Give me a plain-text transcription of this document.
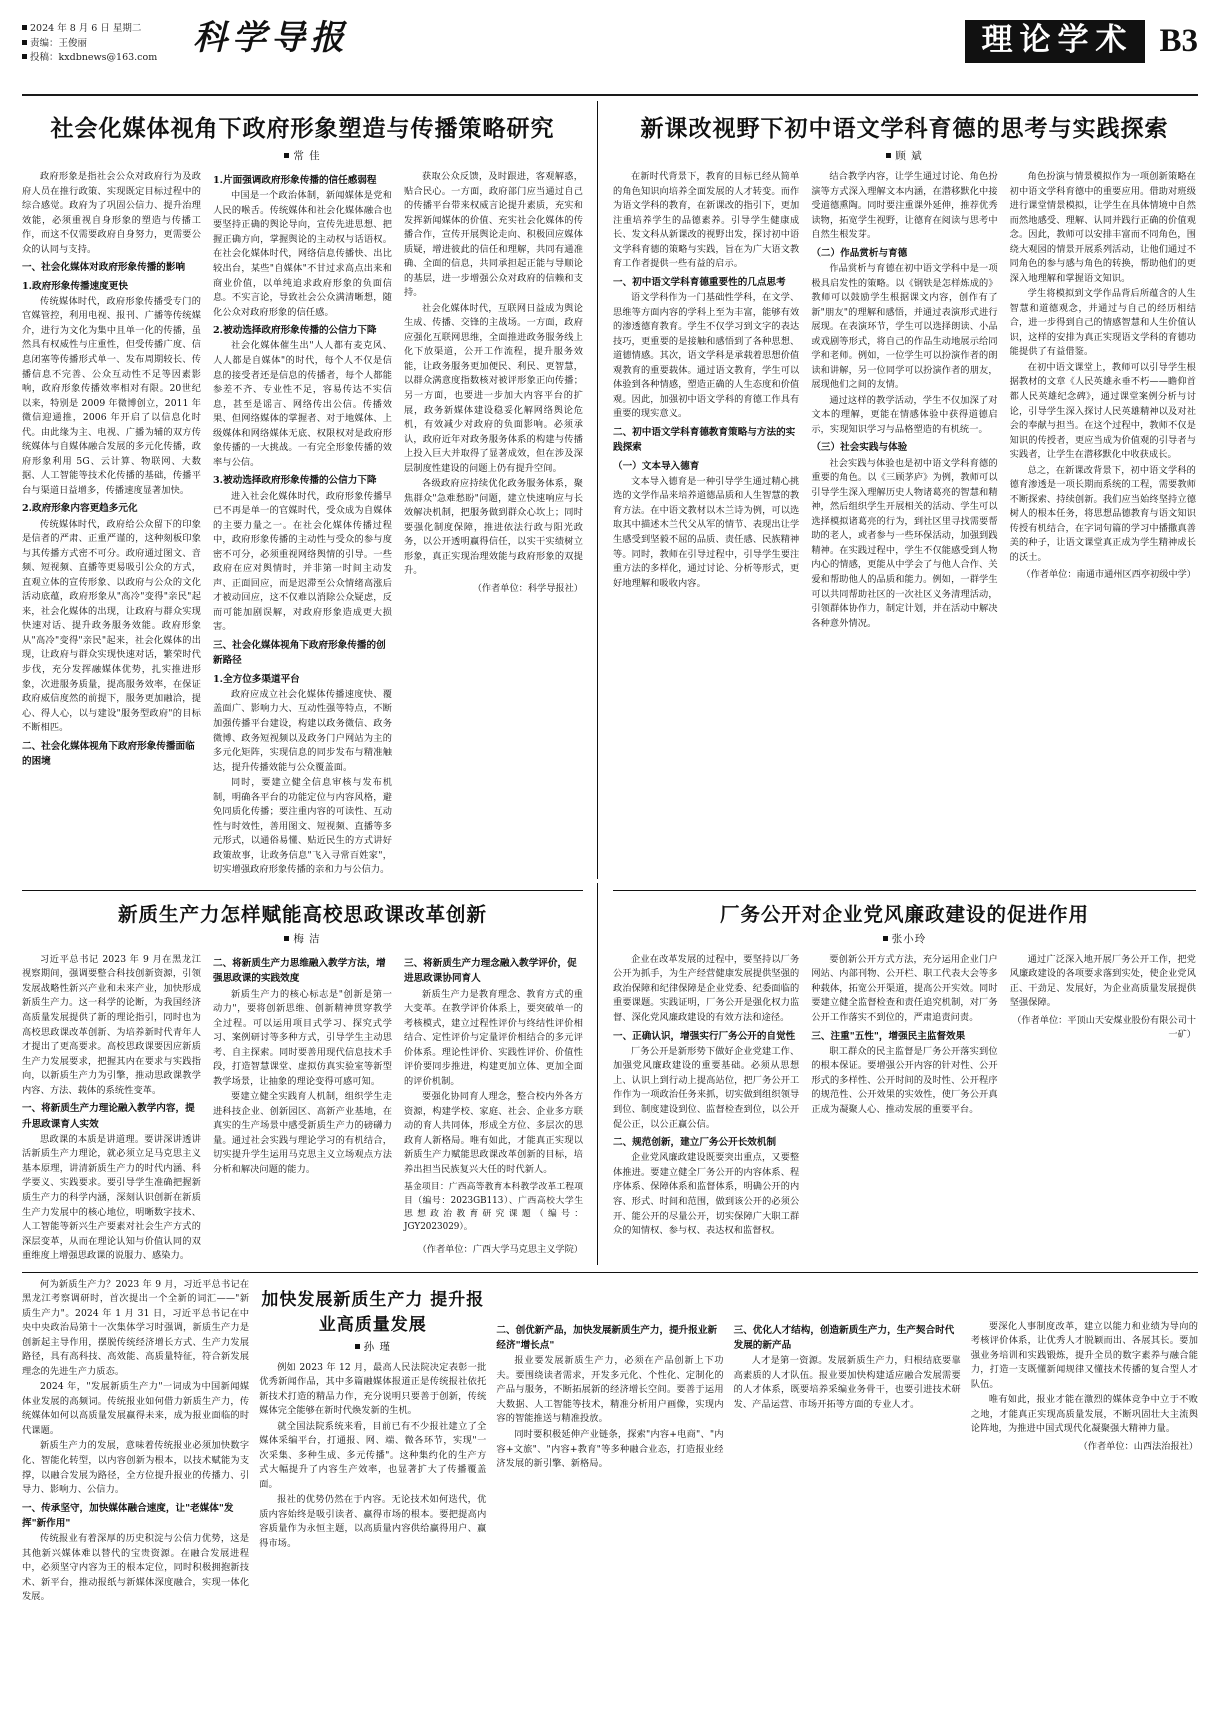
2024 年 8 月 6 日 星期二
责编：王俊丽
投稿：kxdbnews@163.com	科学导报	理论学术 B3
社会化媒体视角下政府形象塑造与传播策略研究
常 佳

政府形象是指社会公众对政府行为及政府人员在推行政策、实现既定目标过程中的综合感觉。政府为了巩固公信力、提升治理效能，必须重视自身形象的塑造与传播工作，而这不仅需要政府自身努力，更需要公众的认同与支持。

一、社会化媒体对政府形象传播的影响
1.政府形象传播速度更快

传统媒体时代，政府形象传播受专门的官媒管控，利用电视、报刊、广播等传统媒介，进行为文化为集中且单一化的传播，虽然具有权威性与庄重性，但受传播广度、信息闭塞等传播形式单一、发布周期较长、传播信息不完善、公众互动性不足等因素影响，政府形象传播效率相对有限。20世纪以来，特别是 2009 年微博创立，2011 年微信迎通推，2006 年开启了以信息化时代。由此缘为主、电视、广播为辅的双方传统媒体与自媒体融合发展的多元化传播，政府形象利用 5G、云计算、物联网、大数据、人工智能等技术化传播的基础，传播平台与渠道日益增多，传播速度显著加快。

2.政府形象内容更趋多元化

传统媒体时代，政府给公众留下的印象是信者的严肃、正重严谨的，这种刻板印象与其传播方式密不可分。政府通过图文、音频、短视频、直播等更易吸引公众的方式，直观立体的宣传形象、以政府与公众的文化活动底蕴，政府形象从"高冷"变得"亲民"起来，社会化媒体的出现，让政府与群众实现快速对话、提升政务服务效能。政府形象从"高冷"变得"亲民"起来，社会化媒体的出现，让政府与群众实现快速对话，繁荣时代步伐，充分发挥融媒体优势，扎实推进形象，次进服务质量，提高服务效率，在保证政府威信度然的前提下，服务更加融洽，提心、得人心，以与建设"服务型政府"的目标不断相匹。

二、社会化媒体视角下政府形象传播面临的困境
1.片面强调政府形象传播的信任感弱程

中国是一个政治体制，新闻媒体是党和人民的喉舌。传统媒体和社会化媒体融合也要坚持正确的舆论导向，宣传先进思想、把握正确方向，掌握舆论的主动权与话语权。在社会化媒体时代，网络信息传播快、出比较出台，某些"自媒体"不甘过求高点出来和商业价值，以单纯追求政府形象的负面信息。不实言论，导致社会公众满清晰想，随化公众对政府形象的信任感。

2.被动选择政府形象传播的公信力下降

社会化媒体催生出"人人都有麦克风、人人都是自媒体"的时代，每个人不仅是信息的接受者还是信息的传播者，每个人都能参差不齐、专业性不足，容易传达不实信息，甚至是谣言、网络传出公信。传播效果、但网络媒体的掌握者、对于地媒体、上级媒体和网络媒体无底、权限权对是政府形象传播的一大挑战。一有完全形象传播的效率与公信。

3.被动选择政府形象传播的公信力下降

进入社会化媒体时代，政府形象传播早已不再是单一的官媒时代，受众成为自媒体的主要力量之一。在社会化媒体传播过程中，政府形象传播的主动性与受众的参与度密不可分，必须重视网络舆情的引导。一些政府在应对舆情时，并非第一时间主动发声、正面回应，而是迟滞至公众情绪高涨后才被动回应，这不仅难以消除公众疑虑，反而可能加剧误解，对政府形象造成更大损害。

三、社会化媒体视角下政府形象传播的创新路径
1.全方位多渠道平台

政府应成立社会化媒体传播速度快、覆盖面广、影响力大、互动性强等特点，不断加强传播平台建设，构建以政务微信、政务微博、政务短视频以及政务门户网站为主的多元化矩阵，实现信息的同步发布与精准触达，提升传播效能与公众覆盖面。

同时，要建立健全信息审核与发布机制，明确各平台的功能定位与内容风格，避免同质化传播；要注重内容的可读性、互动性与时效性，善用图文、短视频、直播等多元形式，以通俗易懂、贴近民生的方式讲好政策故事，让政务信息"飞入寻常百姓家"，切实增强政府形象传播的亲和力与公信力。

获取公众反馈，及时跟进，客观解惑，贴合民心。一方面，政府部门应当通过自己的传播平台带来权威言论提升素质，充实和发挥新闻媒体的价值、充实社会化媒体的传播合作，宣传开展舆论走向、积极回应媒体质疑，增进彼此的信任和理解，共同有通准确、全面的信息，共同承担起正能与导顺论的基层，进一步增强公众对政府的信赖和支持。

社会化媒体时代，互联网日益成为舆论生成、传播、交锋的主战场。一方面，政府应强化互联网思维，全面推进政务服务线上化下放渠道，公开工作流程，提升服务效能，让政务服务更加便民、利民、更智慧，以群众满意度指数核对被评形象正向传播；另一方面，也要进一步加大内容平台的扩展，政务新媒体建设稳妥化解网络舆论危机，有效减少对政府的负面影响。必须承认，政府近年对政务服务体系的构建与传播上投入巨大并取得了显著成效，但在涉及深层制度性建设的问题上仍有提升空间。

各级政府应持续优化政务服务体系，聚焦群众"急难愁盼"问题，建立快速响应与长效解决机制，把服务做到群众心坎上；同时要强化制度保障，推进依法行政与阳光政务，以公开透明赢得信任，以实干实绩树立形象，真正实现治理效能与政府形象的双提升。

（作者单位：科学导报社）
新课改视野下初中语文学科育德的思考与实践探索
顾 斌

在新时代背景下，教育的目标已经从简单的角色知识向培养全面发展的人才转变。而作为语文学科的教育，在新课改的指引下，更加注重培养学生的品德素养。引导学生健康成长、发文科从新课改的视野出发，探讨初中语文学科育德的策略与实践，旨在为广大语文教育工作者提供一些有益的启示。

一、初中语文学科育德重要性的几点思考

语文学科作为一门基础性学科，在文学、思维等方面内容的学科上至为丰富，能够有效的渗透德育教育。学生不仅学习到文字的表达技巧，更重要的是接触和感悟到了各种思想、道德情感。其次，语文学科是承载着思想价值观教育的重要载体。通过语文教育，学生可以体验到各种情感，塑造正确的人生态度和价值观。因此，加强初中语文学科的育德工作具有重要的现实意义。

二、初中语文学科育德教育策略与方法的实践探索
（一）文本导入德育

文本导入德育是一种引导学生通过精心挑选的文学作品来培养道德品质和人生智慧的教育方法。在中语文教材以木兰诗为例，可以选取其中描述木兰代父从军的情节、表现出让学生感受到坚毅不屈的品质、责任感、民族精神等。同时，教师在引导过程中，引导学生要注重方法的多样化，通过讨论、分析等形式，更好地理解和吸收内容。

结合教学内容，让学生通过讨论、角色扮演等方式深入理解文本内涵，在潜移默化中接受道德熏陶。同时要注重课外延伸，推荐优秀读物，拓宽学生视野，让德育在阅读与思考中自然生根发芽。

（二）作品赏析与育德

作品赏析与育德在初中语文学科中是一项极具启发性的策略。以《钢铁是怎样炼成的》教师可以鼓励学生根据课文内容，创作有了新"朋友"的理解和感悟，并通过表演形式进行展现。在表演环节，学生可以选择朗读、小品或戏剧等形式，将自己的作品生动地展示给同学和老师。例如，一位学生可以扮演作者的朗读和讲解，另一位同学可以扮演作者的朋友，展现他们之间的友情。

通过这样的教学活动，学生不仅加深了对文本的理解，更能在情感体验中获得道德启示，实现知识学习与品格塑造的有机统一。

（三）社会实践与体验

社会实践与体验也是初中语文学科育德的重要的角色。以《三顾茅庐》为例，教师可以引导学生深入理解历史人物诸葛亮的智慧和精神，然后组织学生开展相关的活动、学生可以选择模拟诸葛亮的行为，到社区里寻找需要帮助的老人，或者参与一些环保活动，加强到践精神。在实践过程中，学生不仅能感受到人物内心的情感，更能从中学会了与他人合作、关爱和帮助他人的品质和能力。例如，一群学生可以共同帮助社区的一次社区义务清理活动，引领群体协作力，制定计划，并在活动中解决各种意外情况。

角色扮演与情景模拟作为一项创新策略在初中语文学科育德中的重要应用。借助对班级进行课堂情景模拟，让学生在具体情境中自然而然地感受、理解、认同并践行正确的价值观念。因此，教师可以安排丰富而不同角色，围绕大观园的情景开展系列活动，让他们通过不同角色的参与感与角色的转换，帮助他们的更深入地理解和掌握语文知识。

学生将模拟到文学作品背后所蕴含的人生智慧和道德观念，并通过与自己的经历相结合，进一步得到自己的情感智慧和人生价值认识，这样的安排为真正实现语文学科的育德功能提供了有益借鉴。

在初中语文课堂上，教师可以引导学生根据教材的文章《人民英雄永垂不朽——瞻仰首都人民英雄纪念碑》，通过课堂案例分析与讨论，引导学生深入探讨人民英雄精神以及对社会的奉献与担当。在这个过程中，教师不仅是知识的传授者，更应当成为价值观的引导者与实践者，让学生在潜移默化中收获成长。

总之，在新课改背景下，初中语文学科的德育渗透是一项长期而系统的工程，需要教师不断探索、持续创新。我们应当始终坚持立德树人的根本任务，将思想品德教育与语文知识传授有机结合，在字词句篇的学习中播撒真善美的种子，让语文课堂真正成为学生精神成长的沃土。

（作者单位：南通市通州区西亭初级中学）
新质生产力怎样赋能高校思政课改革创新
梅 洁

习近平总书记 2023 年 9 月在黑龙江视察期间，强调要整合科技创新资源，引领发展战略性新兴产业和未来产业，加快形成新质生产力。这一科学的论断，为我国经济高质量发展提供了新的理论指引，同时也为高校思政课改革创新、为培养新时代青年人才提出了更高要求。高校思政课要因应新质生产力发展要求，把握其内在要求与实践指向，以新质生产力为引擎，推动思政课教学内容、方法、载体的系统性变革。

一、将新质生产力理论融入教学内容，提升思政课育人实效

思政课的本质是讲道理。要讲深讲透讲活新质生产力理论，就必须立足马克思主义基本原理，讲清新质生产力的时代内涵、科学要义、实践要求。要引导学生准确把握新质生产力的科学内涵，深刻认识创新在新质生产力发展中的核心地位，明晰数字技术、人工智能等新兴生产要素对社会生产方式的深层变革，从而在理论认知与价值认同的双重维度上增强思政课的说服力、感染力。

二、将新质生产力思维融入教学方法，增强思政课的实践效度

新质生产力的核心标志是"创新是第一动力"，要将创新思维、创新精神贯穿教学全过程。可以运用项目式学习、探究式学习、案例研讨等多种方式，引导学生主动思考、自主探索。同时要善用现代信息技术手段，打造智慧课堂、虚拟仿真实验室等新型教学场景，让抽象的理论变得可感可知。

要建立健全实践育人机制，组织学生走进科技企业、创新园区、高新产业基地，在真实的生产场景中感受新质生产力的磅礴力量。通过社会实践与理论学习的有机结合，切实提升学生运用马克思主义立场观点方法分析和解决问题的能力。

三、将新质生产力理念融入教学评价，促进思政课协同育人

新质生产力是教育理念、教育方式的重大变革。在教学评价体系上，要突破单一的考核模式，建立过程性评价与终结性评价相结合、定性评价与定量评价相结合的多元评价体系。理论性评价、实践性评价、价值性评价要同步推进，构建更加立体、更加全面的评价机制。

要强化协同育人理念，整合校内外各方资源，构建学校、家庭、社会、企业多方联动的育人共同体，形成全方位、多层次的思政育人新格局。唯有如此，才能真正实现以新质生产力赋能思政课改革创新的目标，培养出担当民族复兴大任的时代新人。

基金项目：广西高等教育本科教学改革工程项目（编号：2023GB113）、广西高校大学生思想政治教育研究课题（编号：JGY2023029）。

（作者单位：广西大学马克思主义学院）
厂务公开对企业党风廉政建设的促进作用
张小玲

企业在改革发展的过程中，要坚持以厂务公开为抓手，为生产经营健康发展提供坚强的政治保障和纪律保障是企业党委、纪委面临的重要课题。实践证明，厂务公开是强化权力监督、深化党风廉政建设的有效方法和途径。

一、正确认识，增强实行厂务公开的自觉性

厂务公开是新形势下做好企业党建工作、加强党风廉政建设的重要基础。必须从思想上、认识上到行动上提高站位，把厂务公开工作作为一项政治任务来抓，切实做到组织领导到位、制度建设到位、监督检查到位，以公开促公正，以公正赢公信。

二、规范创新，建立厂务公开长效机制

企业党风廉政建设既要突出重点，又要整体推进。要建立健全厂务公开的内容体系、程序体系、保障体系和监督体系，明确公开的内容、形式、时间和范围，做到该公开的必须公开、能公开的尽量公开，切实保障广大职工群众的知情权、参与权、表达权和监督权。

要创新公开方式方法，充分运用企业门户网站、内部刊物、公开栏、职工代表大会等多种载体，拓宽公开渠道，提高公开实效。同时要建立健全监督检查和责任追究机制，对厂务公开工作落实不到位的，严肃追责问责。

三、注重"五性"，增强民主监督效果

职工群众的民主监督是厂务公开落实到位的根本保证。要增强公开内容的针对性、公开形式的多样性、公开时间的及时性、公开程序的规范性、公开效果的实效性，使厂务公开真正成为凝聚人心、推动发展的重要平台。

通过广泛深入地开展厂务公开工作，把党风廉政建设的各项要求落到实处，使企业党风正、干劲足、发展好，为企业高质量发展提供坚强保障。

（作者单位：平顶山天安煤业股份有限公司十一矿）

何为新质生产力？2023 年 9 月，习近平总书记在黑龙江考察调研时，首次提出一个全新的词汇——"新质生产力"。2024 年 1 月 31 日，习近平总书记在中央中央政治局第十一次集体学习时强调，新质生产力是创新起主导作用，摆脱传统经济增长方式、生产力发展路径，具有高科技、高效能、高质量特征，符合新发展理念的先进生产力质态。

2024 年，"发展新质生产力"一词成为中国新闻媒体业发展的高频词。传统报业如何借力新质生产力，传统媒体如何以高质量发展赢得未来，成为报业面临的时代课题。

新质生产力的发展，意味着传统报业必须加快数字化、智能化转型，以内容创新为根本，以技术赋能为支撑，以融合发展为路径，全方位提升报业的传播力、引导力、影响力、公信力。

一、传承坚守，加快媒体融合速度，让"老媒体"发挥"新作用"

传统报业有着深厚的历史积淀与公信力优势，这是其他新兴媒体难以替代的宝贵资源。在融合发展进程中，必须坚守内容为王的根本定位，同时积极拥抱新技术、新平台，推动报纸与新媒体深度融合，实现一体化发展。

加快发展新质生产力 提升报业高质量发展
孙 瑾

例如 2023 年 12 月，最高人民法院决定表彰一批优秀新闻作品，其中多篇融媒体报道正是传统报社依托新技术打造的精品力作，充分说明只要善于创新，传统媒体完全能够在新时代焕发新的生机。

就全国法院系统来看，目前已有不少报社建立了全媒体采编平台，打通报、网、端、微各环节，实现"一次采集、多种生成、多元传播"。这种集约化的生产方式大幅提升了内容生产效率，也显著扩大了传播覆盖面。

报社的优势仍然在于内容。无论技术如何迭代，优质内容始终是吸引读者、赢得市场的根本。要把提高内容质量作为永恒主题，以高质量内容供给赢得用户、赢得市场。

二、创优新产品，加快发展新质生产力，提升报业新经济"增长点"

报业要发展新质生产力，必须在产品创新上下功夫。要围绕读者需求，开发多元化、个性化、定制化的产品与服务，不断拓展新的经济增长空间。要善于运用大数据、人工智能等技术，精准分析用户画像，实现内容的智能推送与精准投放。

同时要积极延伸产业链条，探索"内容+电商"、"内容+文旅"、"内容+教育"等多种融合业态，打造报业经济发展的新引擎、新格局。

三、优化人才结构，创造新质生产力，生产契合时代发展的新产品

人才是第一资源。发展新质生产力，归根结底要靠高素质的人才队伍。报业要加快构建适应融合发展需要的人才体系，既要培养采编业务骨干，也要引进技术研发、产品运营、市场开拓等方面的专业人才。

要深化人事制度改革，建立以能力和业绩为导向的考核评价体系，让优秀人才脱颖而出、各展其长。要加强业务培训和实践锻炼，提升全员的数字素养与融合能力，打造一支既懂新闻规律又懂技术传播的复合型人才队伍。

唯有如此，报业才能在激烈的媒体竞争中立于不败之地，才能真正实现高质量发展，不断巩固壮大主流舆论阵地，为推进中国式现代化凝聚强大精神力量。

（作者单位：山西法治报社）
